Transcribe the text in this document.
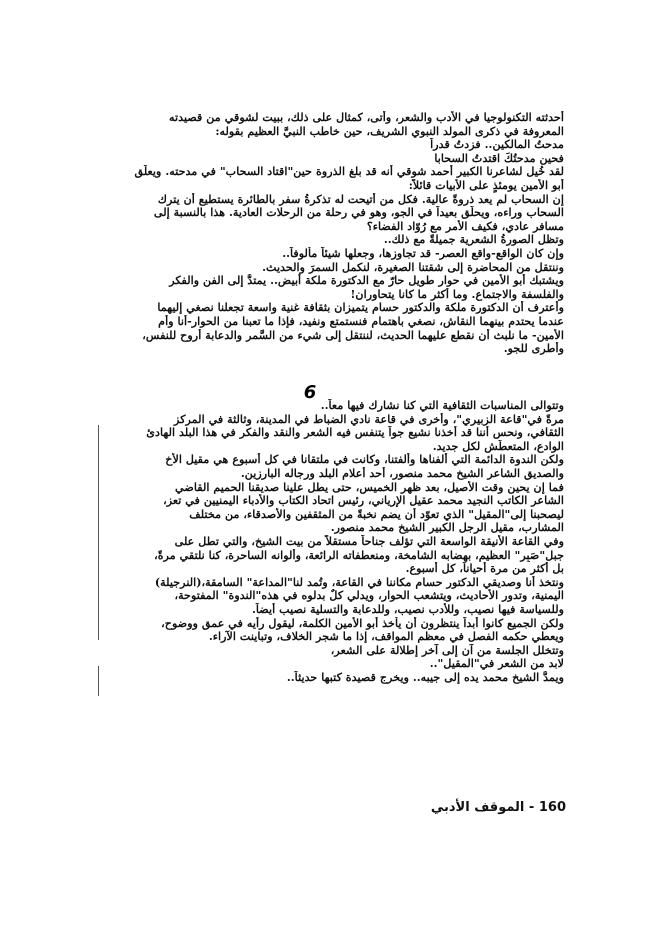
أحدثته التكنولوجيا في الأدب والشعر، وأتى، كمثال على ذلك، ببيت لشوقي من قصيدته

المعروفة في ذكرى المولد النبوي الشريف، حين خاطب النبيَّ العظيم بقوله:

مدحتُ المالكين.. فزدتُ قدراً

فحين مدحتُكَ اقتدتُ السحابا

لقد خُيل لشاعرنا الكبير أحمد شوقي أنه قد بلغ الذروة حين"اقتاد السحاب" في مدحته. ويعلّق

أبو الأمين يومئذٍ على الأبيات قائلاً:

إن السحاب لم يعد ذروةً عالية. فكل من أتيحت له تذكرةُ سفر بالطائرة يستطيع أن يترك

السحاب وراءه، ويحلّق بعيداً في الجو، وهو في رحلة من الرحلات العادية. هذا بالنسبة إلى

مسافر عادي، فكيف الأمر مع رُوّاد الفضاء؟

وتظل الصورةُ الشعرية جميلةً مع ذلك..

وإن كان الواقع-واقع العصر- قد تجاوزها، وجعلها شيئاً مألوفاً..

وننتقل من المحاضرة إلى شقتنا الصغيرة، لنكمل السمرَ والحديث.

ويشتبك أبو الأمين في حوار طويل حارّ مع الدكتورة ملكة أبيض.. يمتدُّ إلى الفن والفكر

والفلسفة والاجتماع. وما أكثر ما كانا يتحاوران!

وأعترف أن الدكتورة ملكة والدكتور حسام يتميزان بثقافة غنية واسعة تجعلنا نصغي إليهما

عندما يحتدم بينهما النقاش، نصغي باهتمام فنستمتع ونفيد، فإذا ما تعبنا من الحوار-أنا وأم

الأمين- ما نلبث أن نقطع عليهما الحديث، لننتقل إلى شيء من السَّمر والدعابة أروح للنفس،

وأطرى للجو.

6

وتتوالى المناسبات الثقافية التي كنا نشارك فيها معاً..

مرةً في"قاعة الزبيري"، وأخرى في قاعة نادي الضباط في المدينة، وثالثة في المركز

الثقافي، ونحس أننا قد أخذنا نشيع جواً يتنفس فيه الشعر والنقد والفكر في هذا البلد الهادئ

الوادع، المتعطّش لكل جديد.

ولكن الندوة الدائمة التي ألفناها وألفتنا، وكانت في ملتقانا في كل أسبوع هي مقيل الأخ

والصديق الشاعر الشيخ محمد منصور، أحد أعلام البلد ورجاله البارزين.

فما إن يحين وقت الأصيل، بعد ظهر الخميس، حتى يطل علينا صديقنا الحميم القاضي

الشاعر الكاتب النجيد محمد عقيل الإرياني، رئيس اتحاد الكتاب والأدباء اليمنيين في تعز،

ليصحبنا إلى"المقيل" الذي تعوّد أن يضم نخبةً من المثقفين والأصدقاء، من مختلف

المشارب، مقيل الرجل الكبير الشيخ محمد منصور.

وفي القاعة الأنيقة الواسعة التي تؤلف جناحاً مستقلاً من بيت الشيخ، والتي تطل على

جبل"صَبِر" العظيم، بهضابه الشامخة، ومنعطفاته الرائعة، وألوانه الساحرة، كنا نلتقي مرةً،

بل أكثر من مرة أحياناً، كل أسبوع.

ونتخذ أنا وصديقي الدكتور حسام مكاننا في القاعة، وتُمد لنا"المداعة" السامقة،(النرجيلة)

اليمنية، وتدور الأحاديث، ويتشعب الحوار، ويدلي كلٌ بدلوه في هذه"الندوة" المفتوحة،

وللسياسة فيها نصيب، وللأدب نصيب، وللدعابة والتسلية نصيب أيضاً.

ولكن الجميع كانوا أبداً ينتظرون أن يأخذ أبو الأمين الكلمة، ليقول رأيه في عمق ووضوح،

ويعطي حكمه الفصل في معظم المواقف، إذا ما شجر الخلاف، وتباينت الآراء.

وتتخلل الجلسة من آن إلى آخر إطلالة على الشعر،

لابد من الشعر في"المقيل"..

ويمدُّ الشيخ محمد يده إلى جيبه.. ويخرج قصيدة كتبها حديثاً..

160 - الموقف الأدبي
